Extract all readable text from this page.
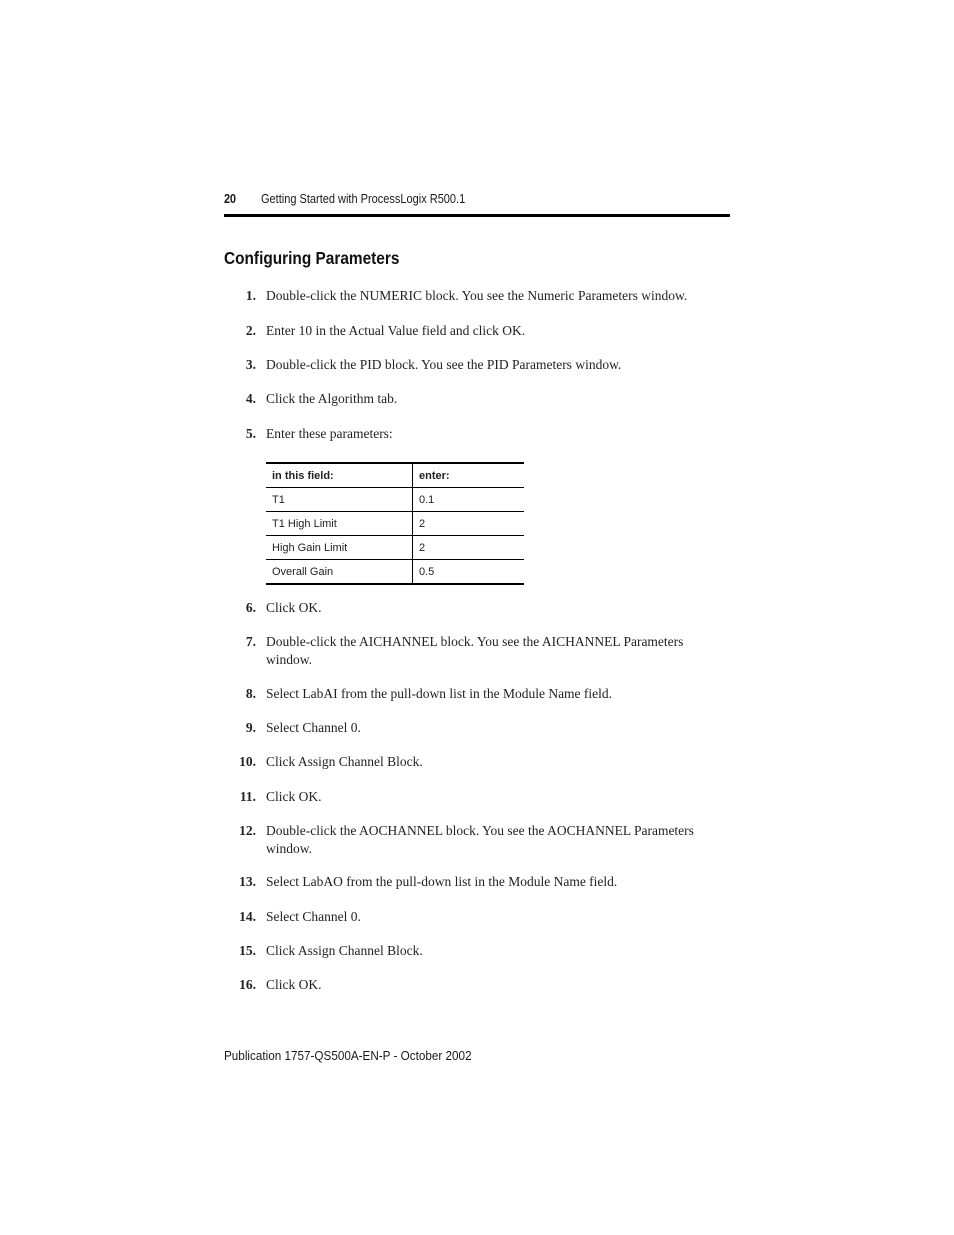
20 Getting Started with ProcessLogix R500.1
Configuring Parameters
1. Double-click the NUMERIC block. You see the Numeric Parameters window.
2. Enter 10 in the Actual Value field and click OK.
3. Double-click the PID block. You see the PID Parameters window.
4. Click the Algorithm tab.
5. Enter these parameters:
in this field:	enter:
T1	0.1
T1 High Limit	2
High Gain Limit	2
Overall Gain	0.5
6. Click OK.
7. Double-click the AICHANNEL block. You see the AICHANNEL Parameters window.
8. Select LabAI from the pull-down list in the Module Name field.
9. Select Channel 0.
10. Click Assign Channel Block.
11. Click OK.
12. Double-click the AOCHANNEL block. You see the AOCHANNEL Parameters window.
13. Select LabAO from the pull-down list in the Module Name field.
14. Select Channel 0.
15. Click Assign Channel Block.
16. Click OK.
Publication 1757-QS500A-EN-P - October 2002
